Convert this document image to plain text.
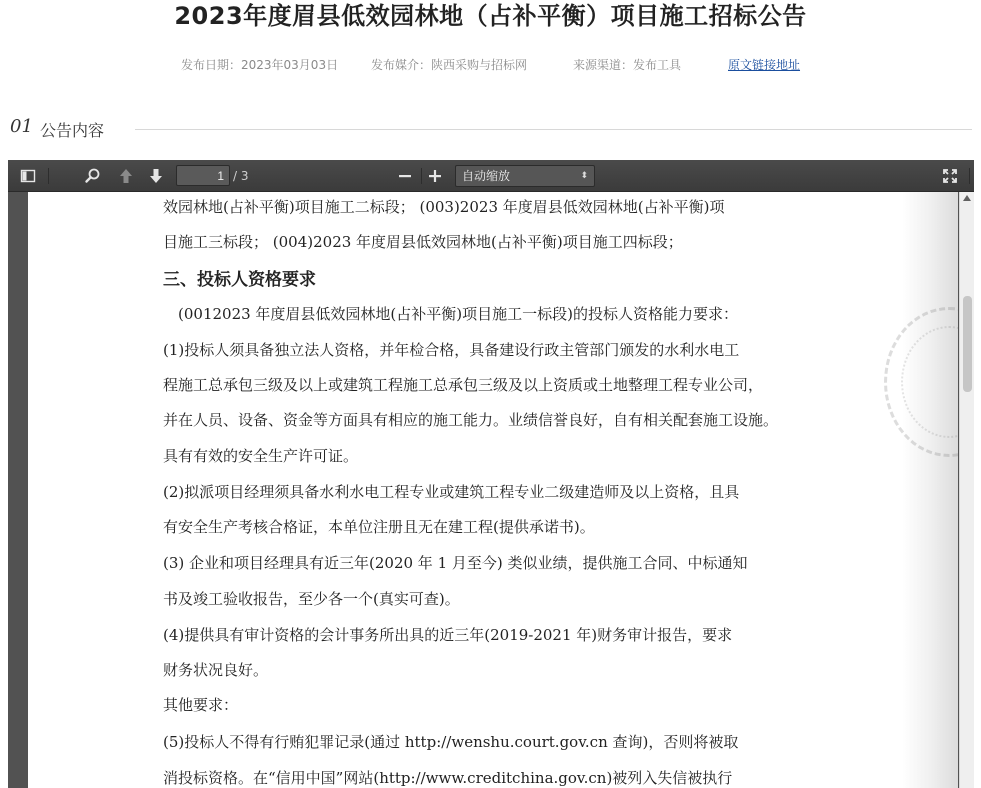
2023年度眉县低效园林地（占补平衡）项目施工招标公告
发布日期：2023年03月03日	发布媒介：陕西采购与招标网	来源渠道：发布工具	原文链接地址
01 公告内容
1
/ 3	自动缩放	⬍
效园林地(占补平衡)项目施工二标段； (003)2023 年度眉县低效园林地(占补平衡)项
目施工三标段； (004)2023 年度眉县低效园林地(占补平衡)项目施工四标段；
三、投标人资格要求
　(0012023 年度眉县低效园林地(占补平衡)项目施工一标段)的投标人资格能力要求：
(1)投标人须具备独立法人资格，并年检合格，具备建设行政主管部门颁发的水利水电工
程施工总承包三级及以上或建筑工程施工总承包三级及以上资质或土地整理工程专业公司，
并在人员、设备、资金等方面具有相应的施工能力。业绩信誉良好，自有相关配套施工设施。
具有有效的安全生产许可证。
(2)拟派项目经理须具备水利水电工程专业或建筑工程专业二级建造师及以上资格，且具
有安全生产考核合格证，本单位注册且无在建工程(提供承诺书)。
(3) 企业和项目经理具有近三年(2020 年 1 月至今) 类似业绩，提供施工合同、中标通知
书及竣工验收报告，至少各一个(真实可查)。
(4)提供具有审计资格的会计事务所出具的近三年(2019-2021 年)财务审计报告，要求
财务状况良好。
其他要求：
(5)投标人不得有行贿犯罪记录(通过 http://wenshu.court.gov.cn 查询)，否则将被取
消投标资格。在“信用中国”网站(http://www.creditchina.gov.cn)被列入失信被执行
